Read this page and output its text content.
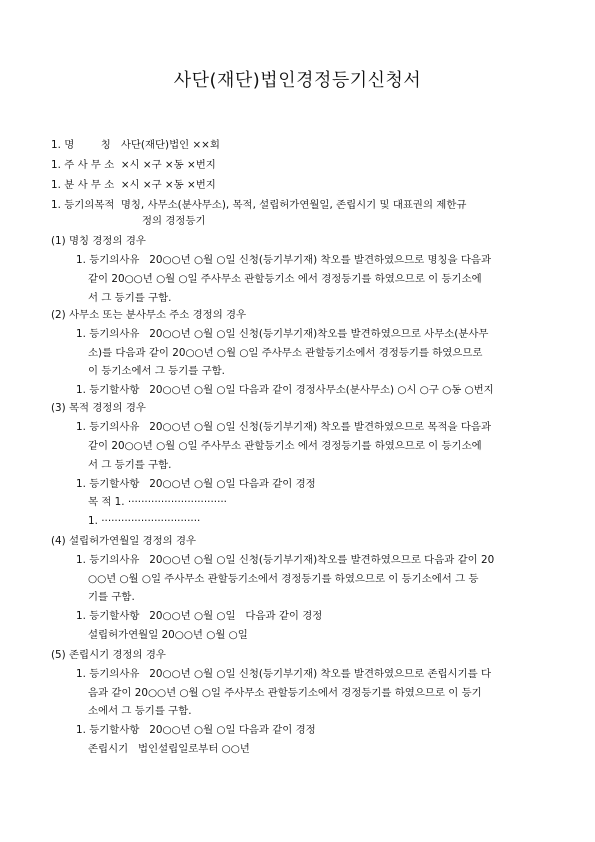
사단(재단)법인경정등기신청서
1. 명        칭 사단(재단)법인 ××회
1. 주 사 무 소 ×시 ×구 ×동 ×번지
1. 분 사 무 소 ×시 ×구 ×동 ×번지
1. 등기의목적 명칭, 사무소(분사무소), 목적, 설립허가연월일, 존립시기 및 대표권의 제한규
정의 경정등기
(1) 명칭 경정의 경우
1. 등기의사유   20○○년 ○월 ○일 신청(등기부기재) 착오를 발견하였으므로 명칭을 다음과
같이 20○○년 ○월 ○일 주사무소 관할등기소 에서 경정등기를 하였으므로 이 등기소에
서 그 등기를 구함.
(2) 사무소 또는 분사무소 주소 경정의 경우
1. 등기의사유   20○○년 ○월 ○일 신청(등기부기재)착오를 발견하였으므로 사무소(분사무
소)를 다음과 같이 20○○년 ○월 ○일 주사무소 관할등기소에서 경정등기를 하였으므로
이 등기소에서 그 등기를 구함.
1. 등기할사항   20○○년 ○월 ○일 다음과 같이 경정사무소(분사무소) ○시 ○구 ○동 ○번지
(3) 목적 경정의 경우
1. 등기의사유   20○○년 ○월 ○일 신청(등기부기재) 착오를 발견하였으므로 목적을 다음과
같이 20○○년 ○월 ○일 주사무소 관할등기소 에서 경정등기를 하였으므로 이 등기소에
서 그 등기를 구함.
1. 등기할사항   20○○년 ○월 ○일 다음과 같이 경정
목 적 1. ······························
1. ······························
(4) 설립허가연월일 경정의 경우
1. 등기의사유   20○○년 ○월 ○일 신청(등기부기재)착오를 발견하였으므로 다음과 같이 20
○○년 ○월 ○일 주사무소 관할등기소에서 경정등기를 하였으므로 이 등기소에서 그 등
기를 구함.
1. 등기할사항   20○○년 ○월 ○일   다음과 같이 경정
설립허가연월일 20○○년 ○월 ○일
(5) 존립시기 경정의 경우
1. 등기의사유   20○○년 ○월 ○일 신청(등기부기재) 착오를 발견하였으므로 존립시기를 다
음과 같이 20○○년 ○월 ○일 주사무소 관할등기소에서 경정등기를 하였으므로 이 등기
소에서 그 등기를 구함.
1. 등기할사항   20○○년 ○월 ○일 다음과 같이 경정
존립시기   법인설립일로부터 ○○년
